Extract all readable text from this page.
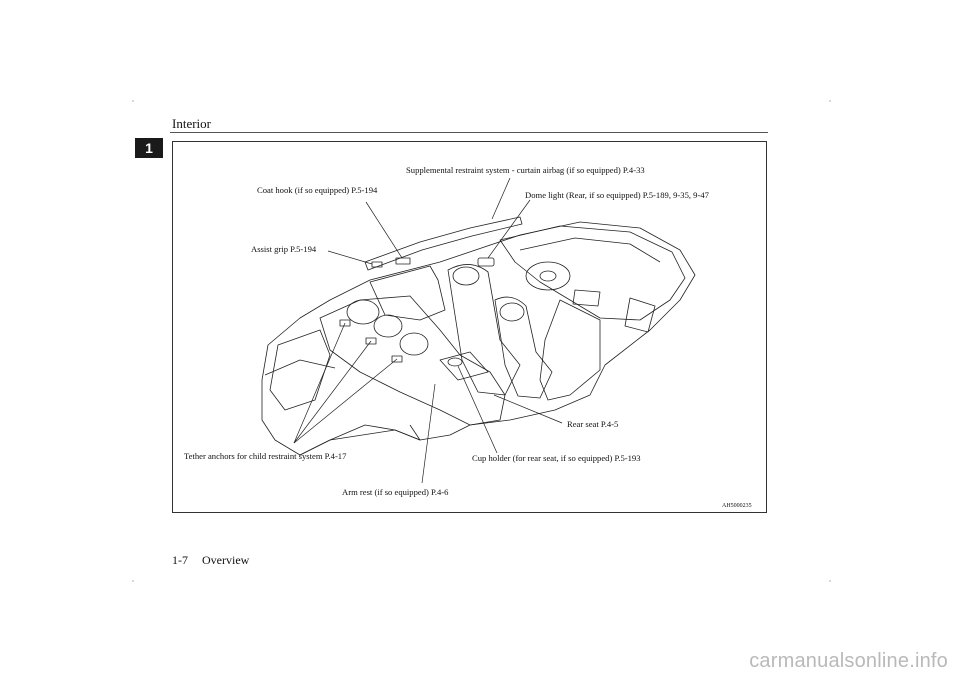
Interior
1
Supplemental restraint system - curtain airbag (if so equipped) P.4-33
Coat hook (if so equipped) P.5-194	Dome light (Rear, if so equipped) P.5-189, 9-35, 9-47
Assist grip P.5-194
Rear seat P.4-5
Tether anchors for child restraint system P.4-17	Cup holder (for rear seat, if so equipped) P.5-193
Arm rest (if so equipped) P.4-6
AH5000235
1-7 Overview
carmanualsonline.info
